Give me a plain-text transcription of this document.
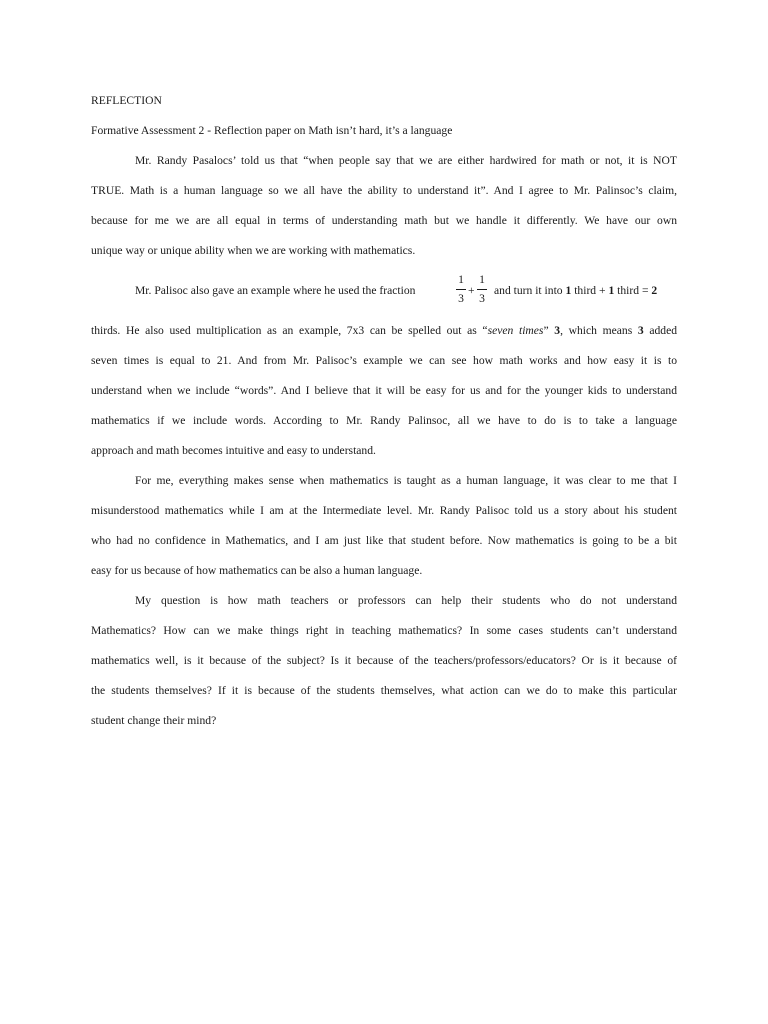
REFLECTION
Formative Assessment 2 - Reflection paper on Math isn’t hard, it’s a language
Mr. Randy Pasalocs’ told us that “when people say that we are either hardwired for math or not, it is NOT
TRUE. Math is a human language so we all have the ability to understand it”. And I agree to Mr. Palinsoc’s claim,
because for me we are all equal in terms of understanding math but we handle it differently. We have our own
unique way or unique ability when we are working with mathematics.
Mr. Palisoc also gave an example where he used the fraction
1
3
+
1
3
and turn it into 1 third + 1 third = 2
thirds. He also used multiplication as an example, 7x3 can be spelled out as “seven times” 3, which means 3 added
seven times is equal to 21. And from Mr. Palisoc’s example we can see how math works and how easy it is to
understand when we include “words”. And I believe that it will be easy for us and for the younger kids to understand
mathematics if we include words. According to Mr. Randy Palinsoc, all we have to do is to take a language
approach and math becomes intuitive and easy to understand.
For me, everything makes sense when mathematics is taught as a human language, it was clear to me that I
misunderstood mathematics while I am at the Intermediate level. Mr. Randy Palisoc told us a story about his student
who had no confidence in Mathematics, and I am just like that student before. Now mathematics is going to be a bit
easy for us because of how mathematics can be also a human language.
My question is how math teachers or professors can help their students who do not understand
Mathematics? How can we make things right in teaching mathematics? In some cases students can’t understand
mathematics well, is it because of the subject? Is it because of the teachers/professors/educators? Or is it because of
the students themselves? If it is because of the students themselves, what action can we do to make this particular
student change their mind?
